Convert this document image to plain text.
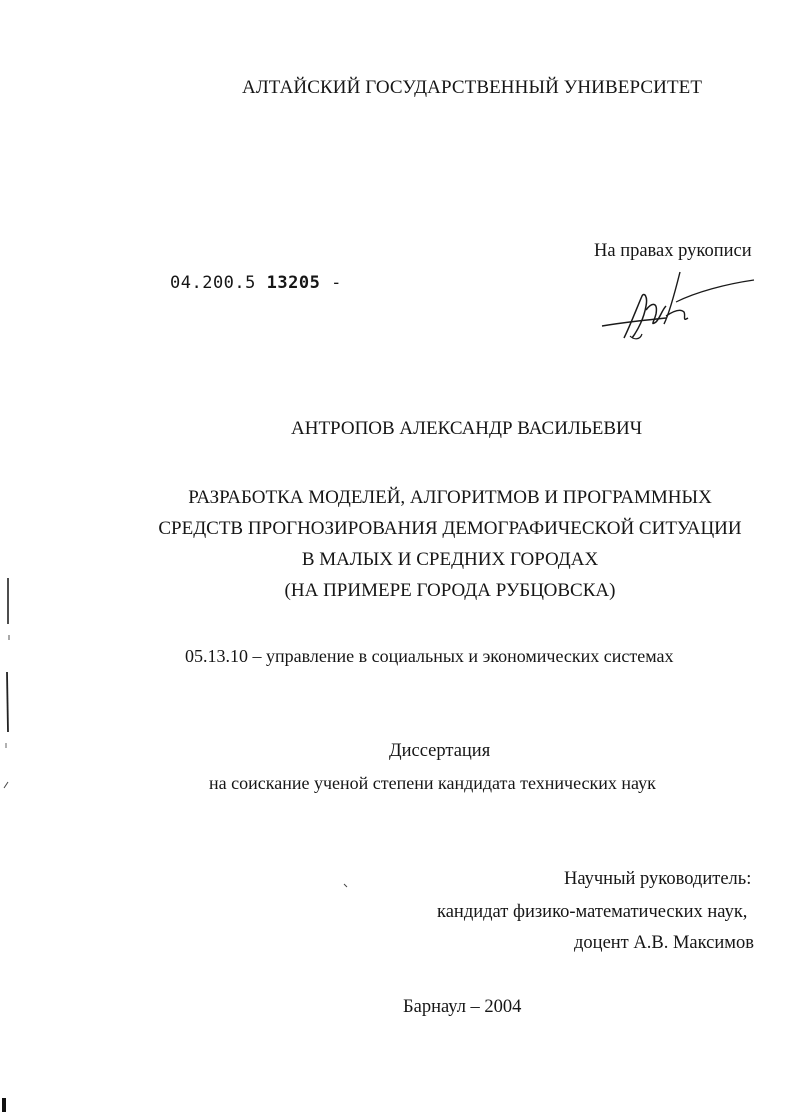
АЛТАЙСКИЙ ГОСУДАРСТВЕННЫЙ УНИВЕРСИТЕТ
На правах рукописи
04.200.5 13205 -
АНТРОПОВ АЛЕКСАНДР ВАСИЛЬЕВИЧ
РАЗРАБОТКА МОДЕЛЕЙ, АЛГОРИТМОВ И ПРОГРАММНЫХ
СРЕДСТВ ПРОГНОЗИРОВАНИЯ ДЕМОГРАФИЧЕСКОЙ СИТУАЦИИ
В МАЛЫХ И СРЕДНИХ ГОРОДАХ
(НА ПРИМЕРЕ ГОРОДА РУБЦОВСКА)
05.13.10 – управление в социальных и экономических системах
Диссертация
на соискание ученой степени кандидата технических наук
Научный руководитель:
кандидат физико-математических наук,
доцент А.В. Максимов
Барнаул – 2004
